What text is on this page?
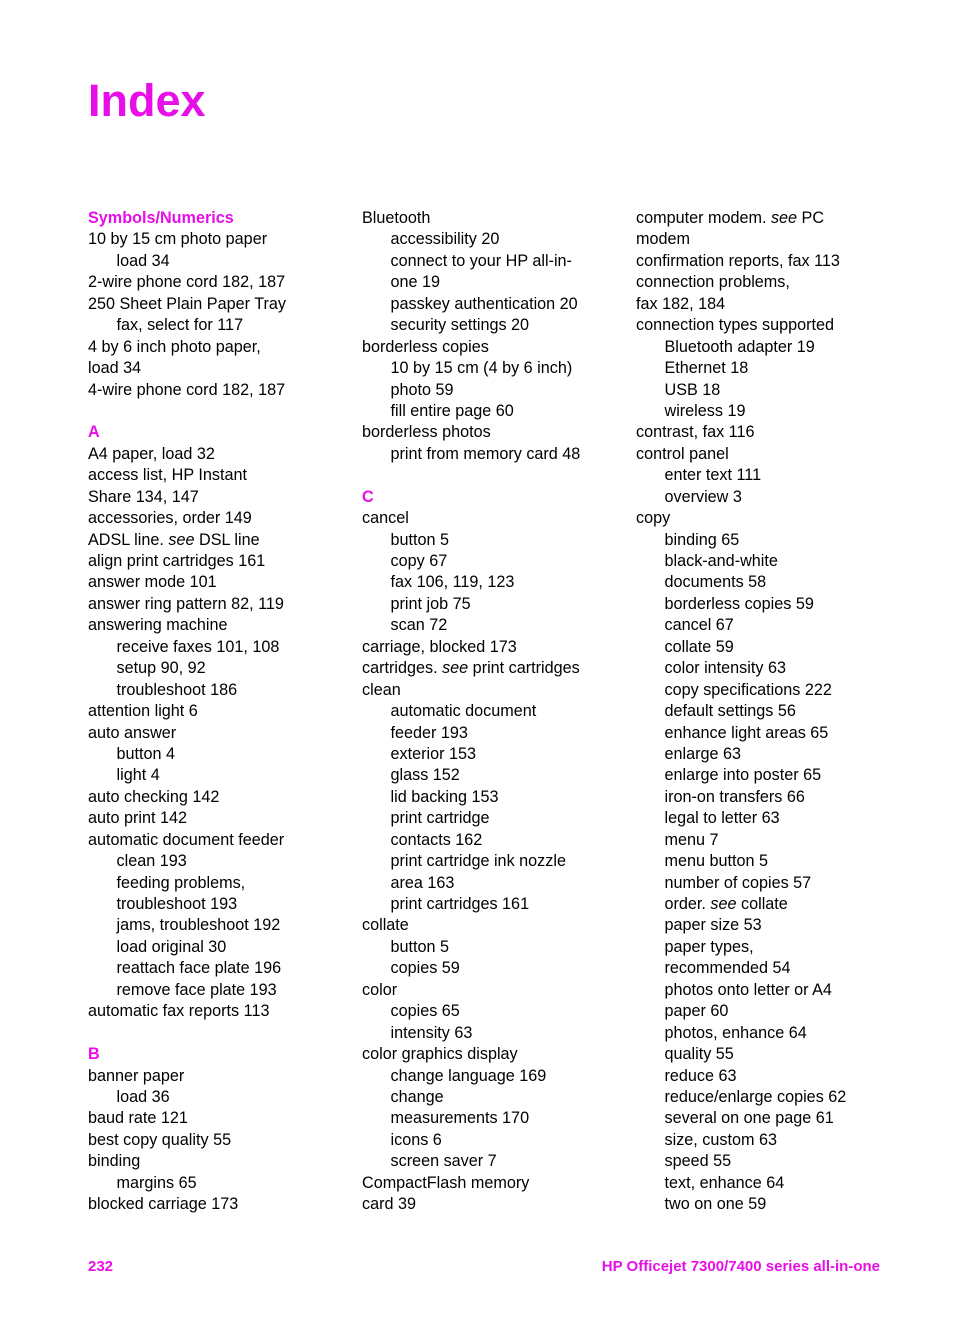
Index
Symbols/Numerics
10 by 15 cm photo paper
load 34
2-wire phone cord 182, 187
250 Sheet Plain Paper Tray
fax, select for 117
4 by 6 inch photo paper,
load 34
4-wire phone cord 182, 187
A
A4 paper, load 32
access list, HP Instant
Share 134, 147
accessories, order 149
ADSL line. see DSL line
align print cartridges 161
answer mode 101
answer ring pattern 82, 119
answering machine
receive faxes 101, 108
setup 90, 92
troubleshoot 186
attention light 6
auto answer
button 4
light 4
auto checking 142
auto print 142
automatic document feeder
clean 193
feeding problems,
troubleshoot 193
jams, troubleshoot 192
load original 30
reattach face plate 196
remove face plate 193
automatic fax reports 113
B
banner paper
load 36
baud rate 121
best copy quality 55
binding
margins 65
blocked carriage 173
Bluetooth
accessibility 20
connect to your HP all-in-
one 19
passkey authentication 20
security settings 20
borderless copies
10 by 15 cm (4 by 6 inch)
photo 59
fill entire page 60
borderless photos
print from memory card 48
C
cancel
button 5
copy 67
fax 106, 119, 123
print job 75
scan 72
carriage, blocked 173
cartridges. see print cartridges
clean
automatic document
feeder 193
exterior 153
glass 152
lid backing 153
print cartridge
contacts 162
print cartridge ink nozzle
area 163
print cartridges 161
collate
button 5
copies 59
color
copies 65
intensity 63
color graphics display
change language 169
change
measurements 170
icons 6
screen saver 7
CompactFlash memory
card 39
computer modem. see PC
modem
confirmation reports, fax 113
connection problems,
fax 182, 184
connection types supported
Bluetooth adapter 19
Ethernet 18
USB 18
wireless 19
contrast, fax 116
control panel
enter text 111
overview 3
copy
binding 65
black-and-white
documents 58
borderless copies 59
cancel 67
collate 59
color intensity 63
copy specifications 222
default settings 56
enhance light areas 65
enlarge 63
enlarge into poster 65
iron-on transfers 66
legal to letter 63
menu 7
menu button 5
number of copies 57
order. see collate
paper size 53
paper types,
recommended 54
photos onto letter or A4
paper 60
photos, enhance 64
quality 55
reduce 63
reduce/enlarge copies 62
several on one page 61
size, custom 63
speed 55
text, enhance 64
two on one 59
232	HP Officejet 7300/7400 series all-in-one
